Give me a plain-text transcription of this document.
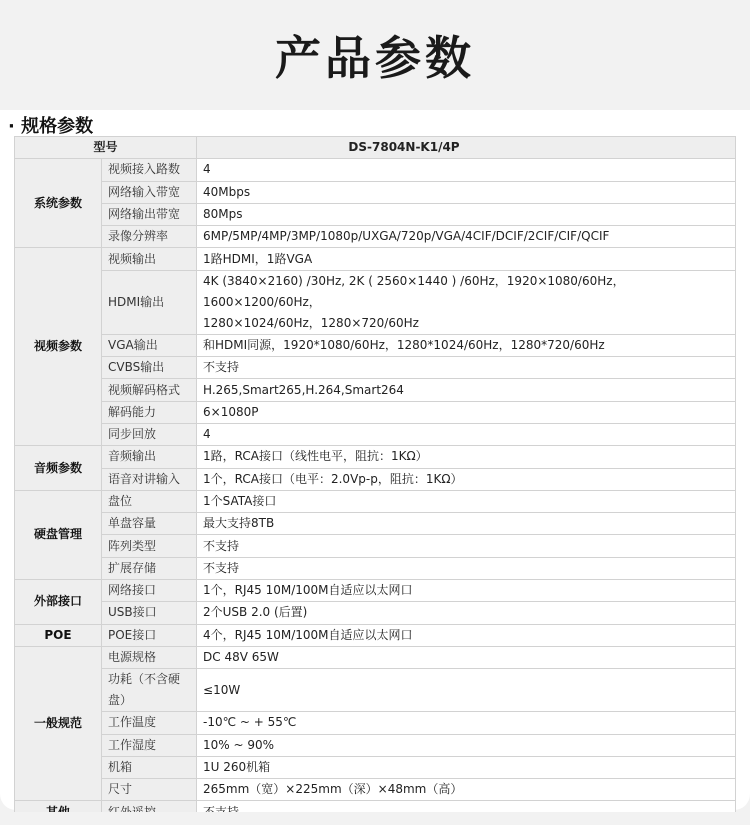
产品参数
· 规格参数
型号		DS-7804N-K1/4P
系统参数	视频接入路数	4
	网络输入带宽	40Mbps
	网络输出带宽	80Mps
	录像分辨率	6MP/5MP/4MP/3MP/1080p/UXGA/720p/VGA/4CIF/DCIF/2CIF/CIF/QCIF
视频参数	视频输出	1路HDMI，1路VGA
	HDMI输出	4K (3840×2160) /30Hz, 2K ( 2560×1440 ) /60Hz，1920×1080/60Hz，1600×1200/60Hz，
1280×1024/60Hz，1280×720/60Hz

	VGA输出	和HDMI同源，1920*1080/60Hz，1280*1024/60Hz，1280*720/60Hz
	CVBS输出	不支持
	视频解码格式	H.265,Smart265,H.264,Smart264
	解码能力	6×1080P
	同步回放	4
音频参数	音频输出	1路，RCA接口（线性电平，阻抗：1KΩ）
	语音对讲输入	1个，RCA接口（电平：2.0Vp-p，阻抗：1KΩ）
硬盘管理	盘位	1个SATA接口
	单盘容量	最大支持8TB
	阵列类型	不支持
	扩展存储	不支持
外部接口	网络接口	1个，RJ45 10M/100M自适应以太网口
	USB接口	2个USB 2.0 (后置)
POE	POE接口	4个，RJ45 10M/100M自适应以太网口
一般规范	电源规格	DC 48V 65W

	功耗（不含硬
盘）	≤10W
	工作温度	-10℃ ~ + 55℃
	工作湿度	10% ~ 90%
	机箱	1U 260机箱
	尺寸	265mm（宽）×225mm（深）×48mm（高）
